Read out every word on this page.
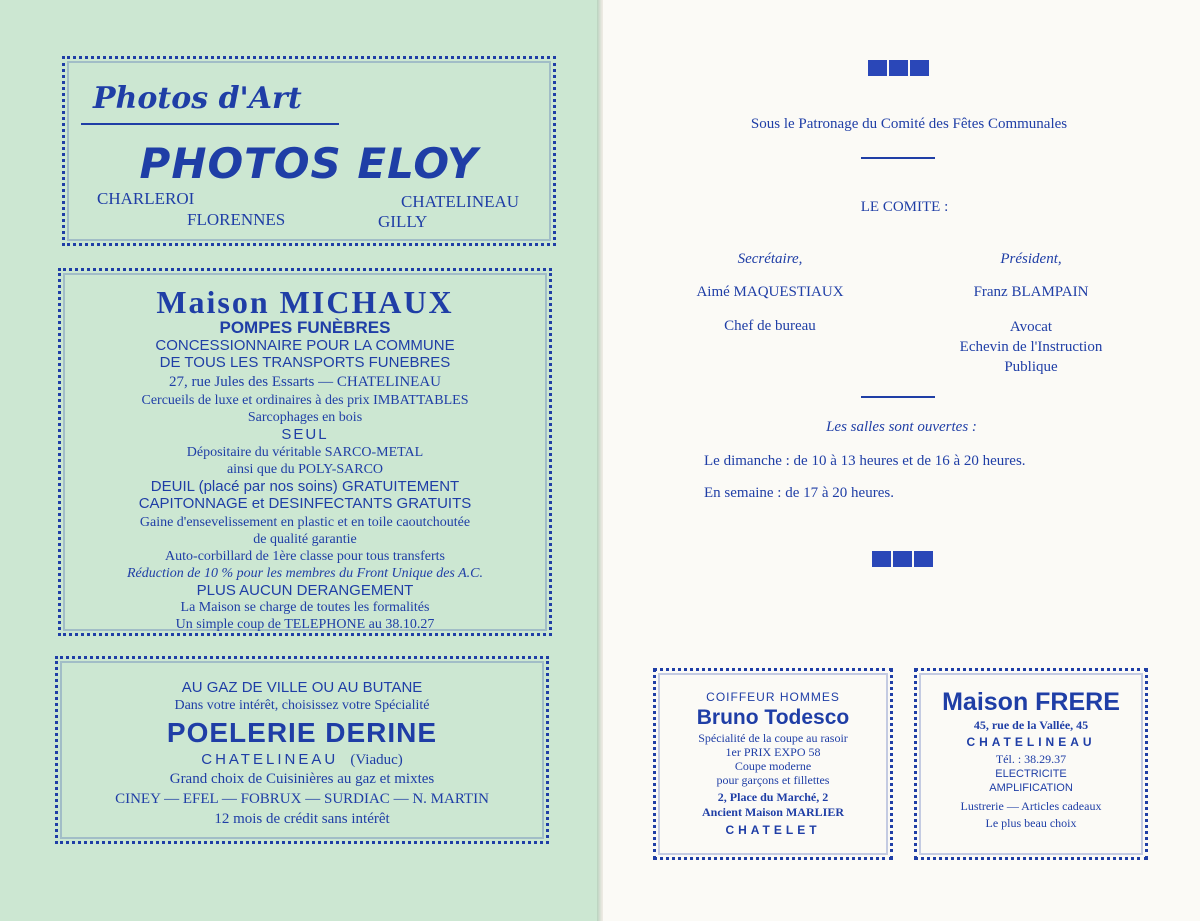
Photos d'Art
PHOTOS ELOY
CHARLEROI	CHATELINEAU
FLORENNES	GILLY
Maison MICHAUX
POMPES FUNÈBRES
CONCESSIONNAIRE POUR LA COMMUNE
DE TOUS LES TRANSPORTS FUNEBRES
27, rue Jules des Essarts — CHATELINEAU
Cercueils de luxe et ordinaires à des prix IMBATTABLES
Sarcophages en bois
SEUL
Dépositaire du véritable SARCO-METAL
ainsi que du POLY-SARCO
DEUIL (placé par nos soins) GRATUITEMENT
CAPITONNAGE et DESINFECTANTS GRATUITS
Gaine d'ensevelissement en plastic et en toile caoutchoutée
de qualité garantie
Auto-corbillard de 1ère classe pour tous transferts
Réduction de 10 % pour les membres du Front Unique des A.C.
PLUS AUCUN DERANGEMENT
La Maison se charge de toutes les formalités
Un simple coup de TELEPHONE au 38.10.27
AU GAZ DE VILLE OU AU BUTANE
Dans votre intérêt, choisissez votre Spécialité
POELERIE DERINE
CHATELINEAU (Viaduc)
Grand choix de Cuisinières au gaz et mixtes
CINEY — EFEL — FOBRUX — SURDIAC — N. MARTIN
12 mois de crédit sans intérêt
Sous le Patronage du Comité des Fêtes Communales
LE COMITE :
Secrétaire,
Aimé MAQUESTIAUX
Chef de bureau
Président,
Franz BLAMPAIN
Avocat
Echevin de l'Instruction
Publique
Les salles sont ouvertes :
Le dimanche : de 10 à 13 heures et de 16 à 20 heures.
En semaine : de 17 à 20 heures.
COIFFEUR HOMMES
Bruno Todesco
Spécialité de la coupe au rasoir
1er PRIX EXPO 58
Coupe moderne
pour garçons et fillettes
2, Place du Marché, 2
Ancient Maison MARLIER
CHATELET
Maison FRERE
45, rue de la Vallée, 45
CHATELINEAU
Tél. : 38.29.37
ELECTRICITE
AMPLIFICATION
Lustrerie — Articles cadeaux
Le plus beau choix
